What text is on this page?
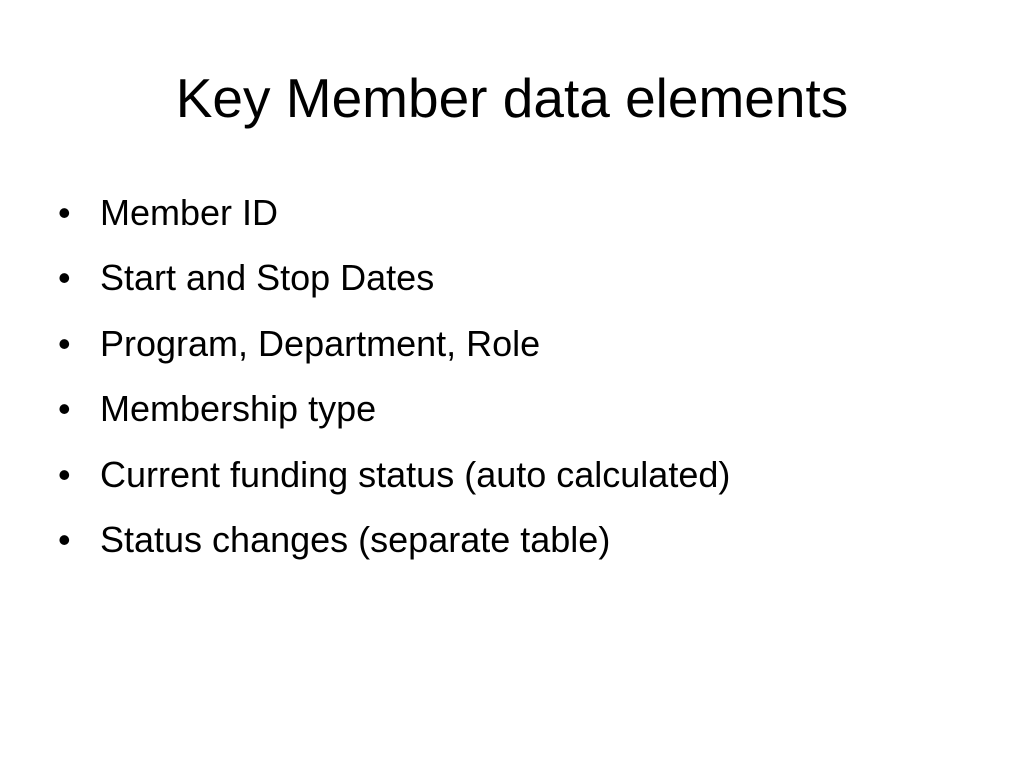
Key Member data elements
• Member ID
• Start and Stop Dates
• Program, Department, Role
• Membership type
• Current funding status (auto calculated)
• Status changes (separate table)
